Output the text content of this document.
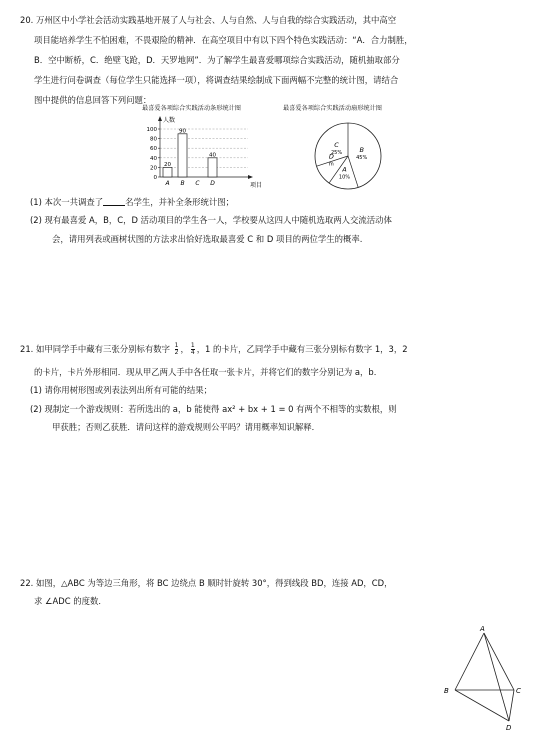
20. 万州区中小学社会活动实践基地开展了人与社会、人与自然、人与自我的综合实践活动，其中高空
项目能培养学生不怕困难，不畏艰险的精神．在高空项目中有以下四个特色实践活动：“A．合力制胜，
B．空中断桥，C．绝壁飞跄，D．天罗地网”．为了解学生最喜爱哪项综合实践活动，随机抽取部分
学生进行问卷调查（每位学生只能选择一项），将调查结果绘制成下面两幅不完整的统计图，请结合
图中提供的信息回答下列问题：
最喜爱各项综合实践活动条形统计图	最喜爱各项综合实践活动扇形统计图
0
20
40
60
80
100
人数
项目
20
A
90
B C
40
D
B
45%
C
25%
D
m
A
10%
(1) 本次一共调查了	名学生，并补全条形统计图；
(2) 现有最喜爱 A，B，C，D 活动项目的学生各一人，学校要从这四人中随机选取两人交流活动体
会，请用列表或画树状图的方法求出恰好选取最喜爱 C 和 D 项目的两位学生的概率.
21. 如甲同学手中藏有三张分别标有数字 $\frac{1}{2}$ ， $\frac{1}{4}$ ，1 的卡片，乙同学手中藏有三张分别标有数字 1，3，2
的卡片，卡片外形相同．现从甲乙两人手中各任取一张卡片，并将它们的数字分别记为 a，b．
(1) 请你用树形图或列表法列出所有可能的结果；
(2) 现制定一个游戏规则：若所选出的 a，b 能使得 ax² + bx + 1 = 0 有两个不相等的实数根，则
甲获胜；否则乙获胜．请问这样的游戏规则公平吗？请用概率知识解释．
22. 如图，△ABC 为等边三角形，将 BC 边绕点 B 顺时针旋转 30°，得到线段 BD，连接 AD，CD，
求 ∠ADC 的度数．
A
B	C
D
